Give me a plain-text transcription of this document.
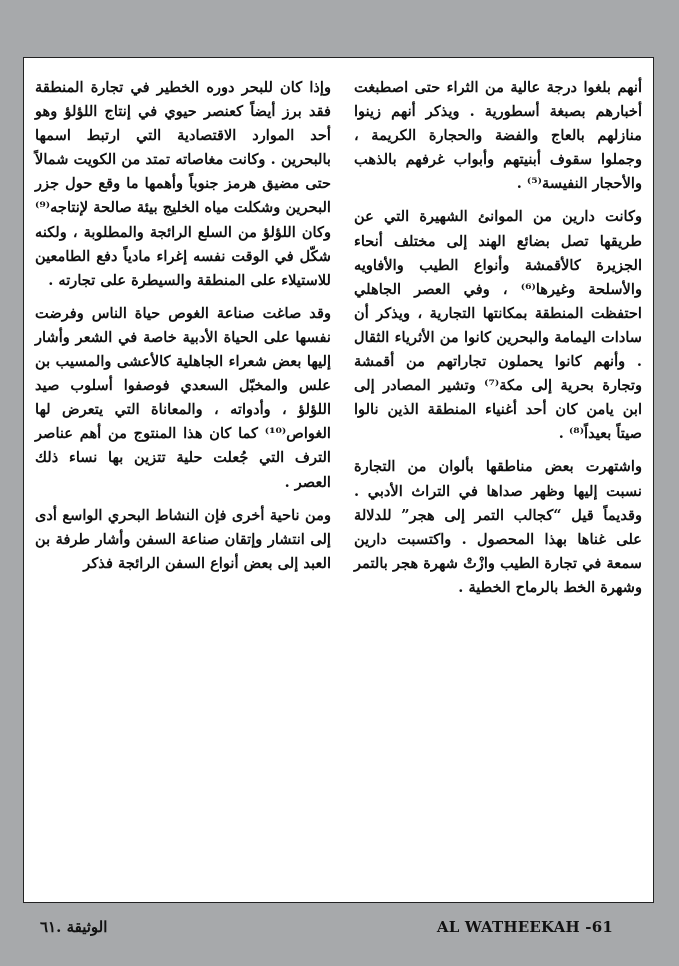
أنهم بلغوا درجة عالية من الثراء حتى اصطبغت أخبارهم بصبغة أسطورية . ويذكر أنهم زينوا منازلهم بالعاج والفضة والحجارة الكريمة ، وجملوا سقوف أبنيتهم وأبواب غرفهم بالذهب والأحجار النفيسة⁽⁵⁾ .

وكانت دارين من الموانئ الشهيرة التي عن طريقها تصل بضائع الهند إلى مختلف أنحاء الجزيرة كالأقمشة وأنواع الطيب والأفاويه والأسلحة وغيرها⁽⁶⁾ ، وفي العصر الجاهلي احتفظت المنطقة بمكانتها التجارية ، ويذكر أن سادات اليمامة والبحرين كانوا من الأثرياء الثقال . وأنهم كانوا يحملون تجاراتهم من أقمشة وتجارة بحرية إلى مكة⁽⁷⁾ وتشير المصادر إلى ابن يامن كان أحد أغنياء المنطقة الذين نالوا صيتاً بعيداً⁽⁸⁾ .

واشتهرت بعض مناطقها بألوان من التجارة نسبت إليها وظهر صداها في التراث الأدبي . وقديماً قيل “كجالب التمر إلى هجر” للدلالة على غناها بهذا المحصول . واكتسبت دارين سمعة في تجارة الطيب وازْتْ شهرة هجر بالتمر وشهرة الخط بالرماح الخطية .

وإذا كان للبحر دوره الخطير في تجارة المنطقة فقد برز أيضاً كعنصر حيوي في إنتاج اللؤلؤ وهو أحد الموارد الاقتصادية التي ارتبط اسمها بالبحرين . وكانت مغاصاته تمتد من الكويت شمالاً حتى مضيق هرمز جنوباً وأهمها ما وقع حول جزر البحرين وشكلت مياه الخليج بيئة صالحة لإنتاجه⁽⁹⁾ وكان اللؤلؤ من السلع الرائجة والمطلوبة ، ولكنه شكّل في الوقت نفسه إغراء مادياً دفع الطامعين للاستيلاء على المنطقة والسيطرة على تجارته .

وقد صاغت صناعة الغوص حياة الناس وفرضت نفسها على الحياة الأدبية خاصة في الشعر وأشار إليها بعض شعراء الجاهلية كالأعشى والمسيب بن علس والمخبّل السعدي فوصفوا أسلوب صيد اللؤلؤ ، وأدواته ، والمعاناة التي يتعرض لها الغواص⁽¹⁰⁾ كما كان هذا المنتوج من أهم عناصر الترف التي جُعلت حلية تتزين بها نساء ذلك العصر .

ومن ناحية أخرى فإن النشاط البحري الواسع أدى إلى انتشار وإتقان صناعة السفن وأشار طرفة بن العبد إلى بعض أنواع السفن الرائجة فذكر

AL WATHEEKAH -61
الوثيقة .٦١
